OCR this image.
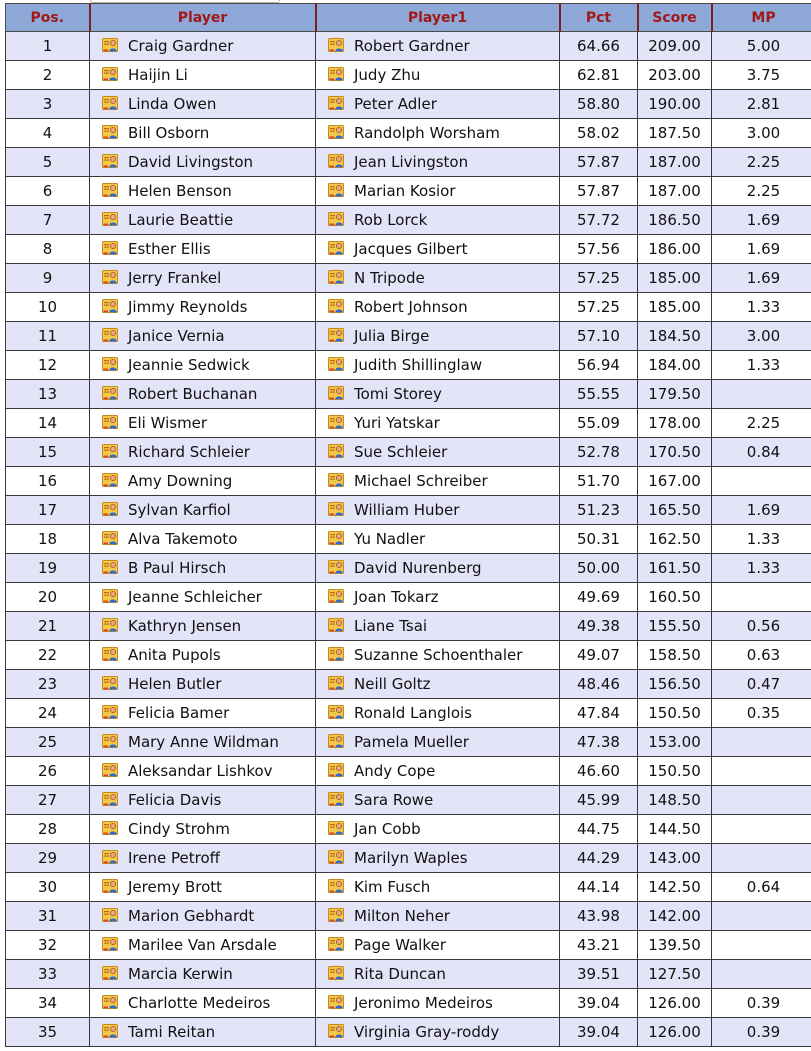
Pos.	Player	Player1	Pct	Score	MP
1	Craig Gardner	Robert Gardner	64.66	209.00	5.00
2	Haijin Li	Judy Zhu	62.81	203.00	3.75
3	Linda Owen	Peter Adler	58.80	190.00	2.81
4	Bill Osborn	Randolph Worsham	58.02	187.50	3.00
5	David Livingston	Jean Livingston	57.87	187.00	2.25
6	Helen Benson	Marian Kosior	57.87	187.00	2.25
7	Laurie Beattie	Rob Lorck	57.72	186.50	1.69
8	Esther Ellis	Jacques Gilbert	57.56	186.00	1.69
9	Jerry Frankel	N Tripode	57.25	185.00	1.69
10	Jimmy Reynolds	Robert Johnson	57.25	185.00	1.33
11	Janice Vernia	Julia Birge	57.10	184.50	3.00
12	Jeannie Sedwick	Judith Shillinglaw	56.94	184.00	1.33
13	Robert Buchanan	Tomi Storey	55.55	179.50	
14	Eli Wismer	Yuri Yatskar	55.09	178.00	2.25
15	Richard Schleier	Sue Schleier	52.78	170.50	0.84
16	Amy Downing	Michael Schreiber	51.70	167.00	
17	Sylvan Karfiol	William Huber	51.23	165.50	1.69
18	Alva Takemoto	Yu Nadler	50.31	162.50	1.33
19	B Paul Hirsch	David Nurenberg	50.00	161.50	1.33
20	Jeanne Schleicher	Joan Tokarz	49.69	160.50	
21	Kathryn Jensen	Liane Tsai	49.38	155.50	0.56
22	Anita Pupols	Suzanne Schoenthaler	49.07	158.50	0.63
23	Helen Butler	Neill Goltz	48.46	156.50	0.47
24	Felicia Bamer	Ronald Langlois	47.84	150.50	0.35
25	Mary Anne Wildman	Pamela Mueller	47.38	153.00	
26	Aleksandar Lishkov	Andy Cope	46.60	150.50	
27	Felicia Davis	Sara Rowe	45.99	148.50	
28	Cindy Strohm	Jan Cobb	44.75	144.50	
29	Irene Petroff	Marilyn Waples	44.29	143.00	
30	Jeremy Brott	Kim Fusch	44.14	142.50	0.64
31	Marion Gebhardt	Milton Neher	43.98	142.00	
32	Marilee Van Arsdale	Page Walker	43.21	139.50	
33	Marcia Kerwin	Rita Duncan	39.51	127.50	
34	Charlotte Medeiros	Jeronimo Medeiros	39.04	126.00	0.39
35	Tami Reitan	Virginia Gray-roddy	39.04	126.00	0.39
